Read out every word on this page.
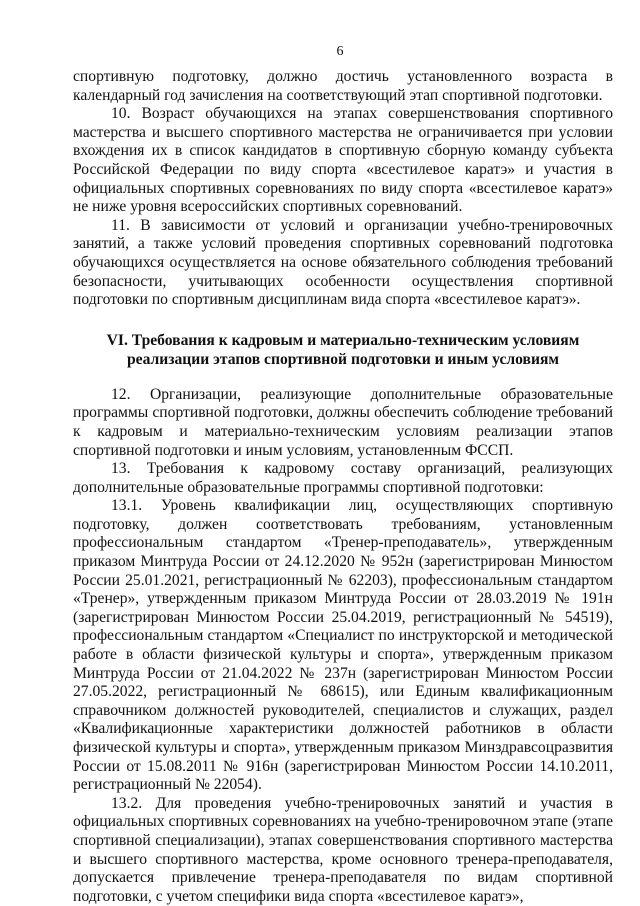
6

спортивную подготовку, должно достичь установленного возраста в календарный год зачисления на соответствующий этап спортивной подготовки.

10. Возраст обучающихся на этапах совершенствования спортивного мастерства и высшего спортивного мастерства не ограничивается при условии вхождения их в список кандидатов в спортивную сборную команду субъекта Российской Федерации по виду спорта «всестилевое каратэ» и участия в официальных спортивных соревнованиях по виду спорта «всестилевое каратэ» не ниже уровня всероссийских спортивных соревнований.

11. В зависимости от условий и организации учебно-тренировочных занятий, а также условий проведения спортивных соревнований подготовка обучающихся осуществляется на основе обязательного соблюдения требований безопасности, учитывающих особенности осуществления спортивной подготовки по спортивным дисциплинам вида спорта «всестилевое каратэ».

VI. Требования к кадровым и материально-техническим условиям
реализации этапов спортивной подготовки и иным условиям

12. Организации, реализующие дополнительные образовательные программы спортивной подготовки, должны обеспечить соблюдение требований к кадровым и материально-техническим условиям реализации этапов спортивной подготовки и иным условиям, установленным ФССП.

13. Требования к кадровому составу организаций, реализующих дополнительные образовательные программы спортивной подготовки:

13.1. Уровень квалификации лиц, осуществляющих спортивную подготовку, должен соответствовать требованиям, установленным профессиональным стандартом «Тренер-преподаватель», утвержденным приказом Минтруда России от 24.12.2020 № 952н (зарегистрирован Минюстом России 25.01.2021, регистрационный № 62203), профессиональным стандартом «Тренер», утвержденным приказом Минтруда России от 28.03.2019 № 191н (зарегистрирован Минюстом России 25.04.2019, регистрационный № 54519), профессиональным стандартом «Специалист по инструкторской и методической работе в области физической культуры и спорта», утвержденным приказом Минтруда России от 21.04.2022 № 237н (зарегистрирован Минюстом России 27.05.2022, регистрационный № 68615), или Единым квалификационным справочником должностей руководителей, специалистов и служащих, раздел «Квалификационные характеристики должностей работников в области физической культуры и спорта», утвержденным приказом Минздравсоцразвития России от 15.08.2011 № 916н (зарегистрирован Минюстом России 14.10.2011, регистрационный № 22054).

13.2. Для проведения учебно-тренировочных занятий и участия в официальных спортивных соревнованиях на учебно-тренировочном этапе (этапе спортивной специализации), этапах совершенствования спортивного мастерства и высшего спортивного мастерства, кроме основного тренера-преподавателя, допускается привлечение тренера-преподавателя по видам спортивной подготовки, с учетом специфики вида спорта «всестилевое каратэ»,
